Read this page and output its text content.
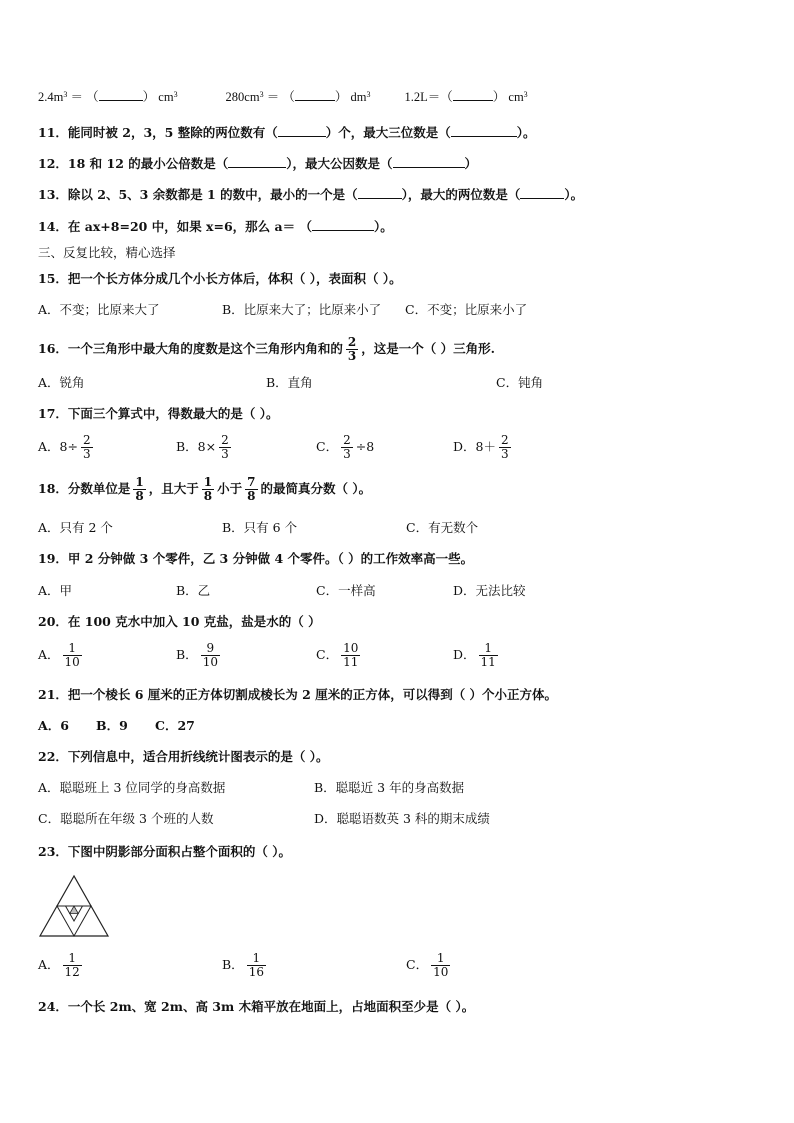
$2.4m^3$ ＝ （	） $cm^3$	$280cm^3$ ＝ （	） $dm^3$	1.2L＝（	） $cm^3$
11．能同时被 2，3，5 整除的两位数有（	）个，最大三位数是（	）。
12．18 和 12 的最小公倍数是（	），最大公因数是（	）
13．除以 2、5、3 余数都是 1 的数中，最小的一个是（	），最大的两位数是（	）。
14．在 ax+8=20 中，如果 x=6，那么 a＝ （	）。
三、反复比较，精心选择
15．把一个长方体分成几个小长方体后，体积（ ），表面积（ ）。
A．不变；比原来大了	B．比原来大了；比原来小了 C．不变；比原来小了
16．一个三角形中最大角的度数是这个三角形内角和的 $\frac{2}{3}$ ，这是一个（ ）三角形.
A．锐角	B．直角	C．钝角
17．下面三个算式中，得数最大的是（ ）。
A．$8\div \frac{2}{3}$	B．$8\times \frac{2}{3}$	C． $\frac{2}{3} \div 8$	D．$8+ \frac{2}{3}$
18．分数单位是 $\frac{1}{8}$ ，且大于 $\frac{1}{8}$ 小于 $\frac{7}{8}$ 的最简真分数（ ）。
A．只有 2 个	B．只有 6 个	C．有无数个
19．甲 2 分钟做 3 个零件，乙 3 分钟做 4 个零件。（ ）的工作效率高一些。
A．甲	B．乙	C．一样高	D．无法比较
20．在 100 克水中加入 10 克盐，盐是水的（ ）
A． $\frac{1}{10}$	B． $\frac{9}{10}$	C． $\frac{10}{11}$	D． $\frac{1}{11}$
21．把一个棱长 6 厘米的正方体切割成棱长为 2 厘米的正方体，可以得到（ ）个小正方体。
A．6 B．9 C．27
22．下列信息中，适合用折线统计图表示的是（ ）。
A．聪聪班上 3 位同学的身高数据	B．聪聪近 3 年的身高数据
C．聪聪所在年级 3 个班的人数	D．聪聪语数英 3 科的期末成绩
23．下图中阴影部分面积占整个面积的（ ）。
A． $\frac{1}{12}$	B． $\frac{1}{16}$	C． $\frac{1}{10}$
24．一个长 2m、宽 2m、高 3m 木箱平放在地面上，占地面积至少是（ ）。
